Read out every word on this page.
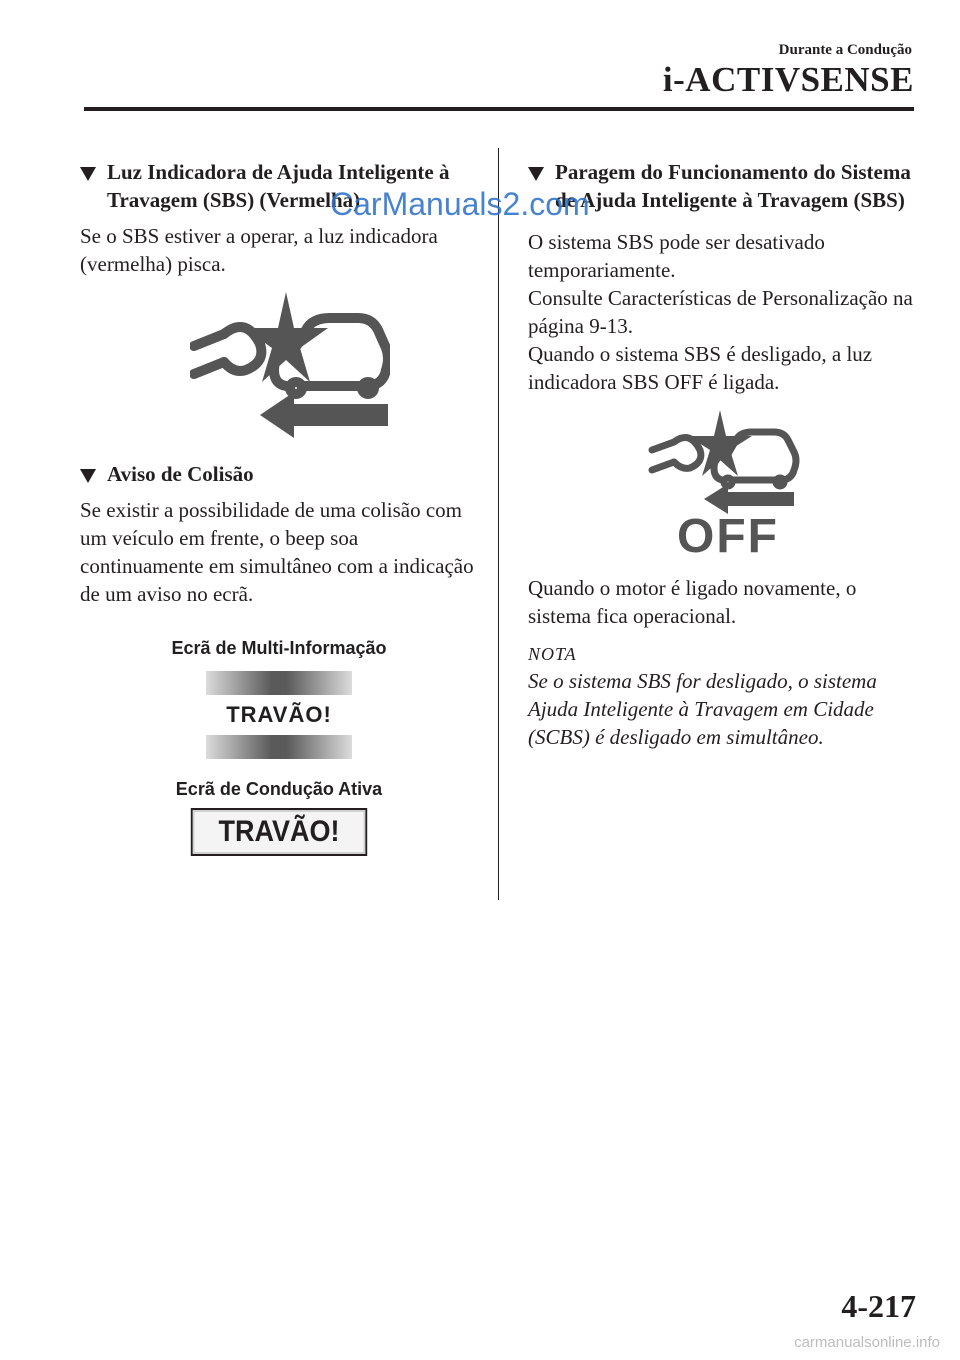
Durante a Condução
i-ACTIVSENSE
Luz Indicadora de Ajuda Inteligente à Travagem (SBS) (Vermelha)

Se o SBS estiver a operar, a luz indicadora (vermelha) pisca.

Aviso de Colisão

Se existir a possibilidade de uma colisão com um veículo em frente, o beep soa continuamente em simultâneo com a indicação de um aviso no ecrã.

Ecrã de Multi-Informação
TRAVÃO!
Ecrã de Condução Ativa
TRAVÃO!
Paragem do Funcionamento do Sistema de Ajuda Inteligente à Travagem (SBS)

O sistema SBS pode ser desativado temporariamente.

Consulte Características de Personalização na página 9-13.

Quando o sistema SBS é desligado, a luz indicadora SBS OFF é ligada.

OFF

Quando o motor é ligado novamente, o sistema fica operacional.

NOTA

Se o sistema SBS for desligado, o sistema Ajuda Inteligente à Travagem em Cidade (SCBS) é desligado em simultâneo.

CarManuals2.com
4-217
carmanualsonline.info
